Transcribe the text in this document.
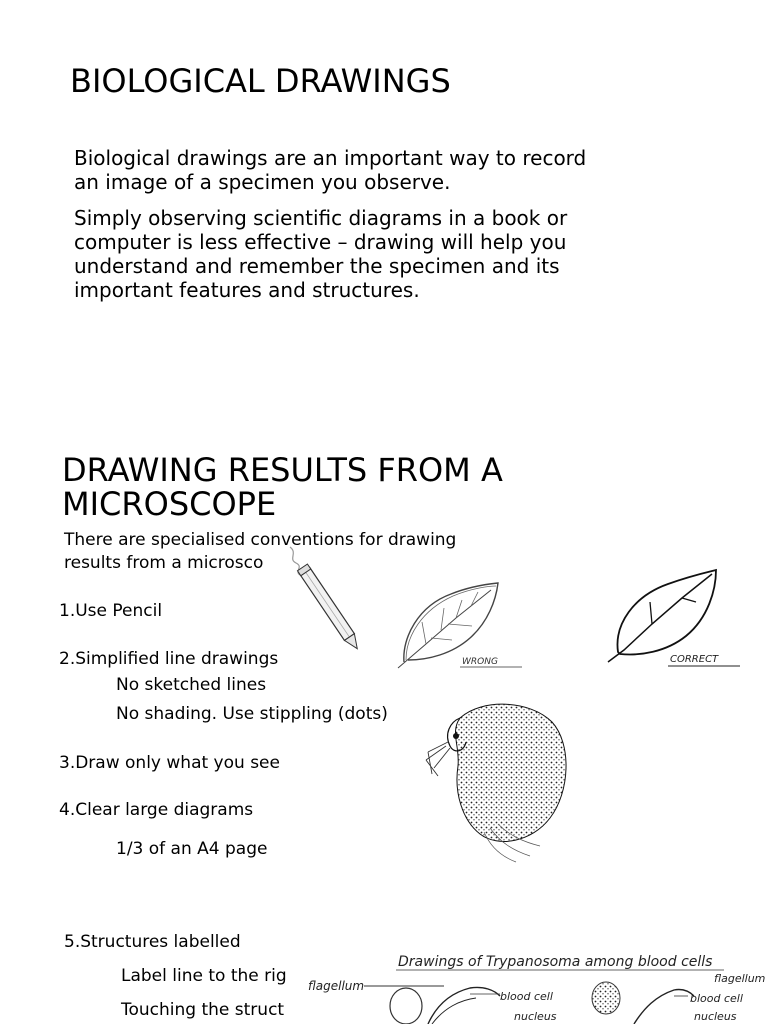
BIOLOGICAL DRAWINGS
Biological drawings are an important way to record
an image of a specimen you observe.
Simply observing scientific diagrams in a book or
computer is less effective – drawing will help you
understand and remember the specimen and its
important features and structures.
DRAWING RESULTS FROM A
MICROSCOPE
There are specialised conventions for drawing
results from a microsco
1.Use Pencil
2.Simplified line drawings
No sketched lines
No shading. Use stippling (dots)
3.Draw only what you see
4.Clear large diagrams
1/3 of an A4 page
5.Structures labelled
Label line to the rig
Touching the struct
WRONG	CORRECT
Drawings of Trypanosoma among blood cells
flagellum
blood cell
nucleus
blood cell
flagellum
nucleus
